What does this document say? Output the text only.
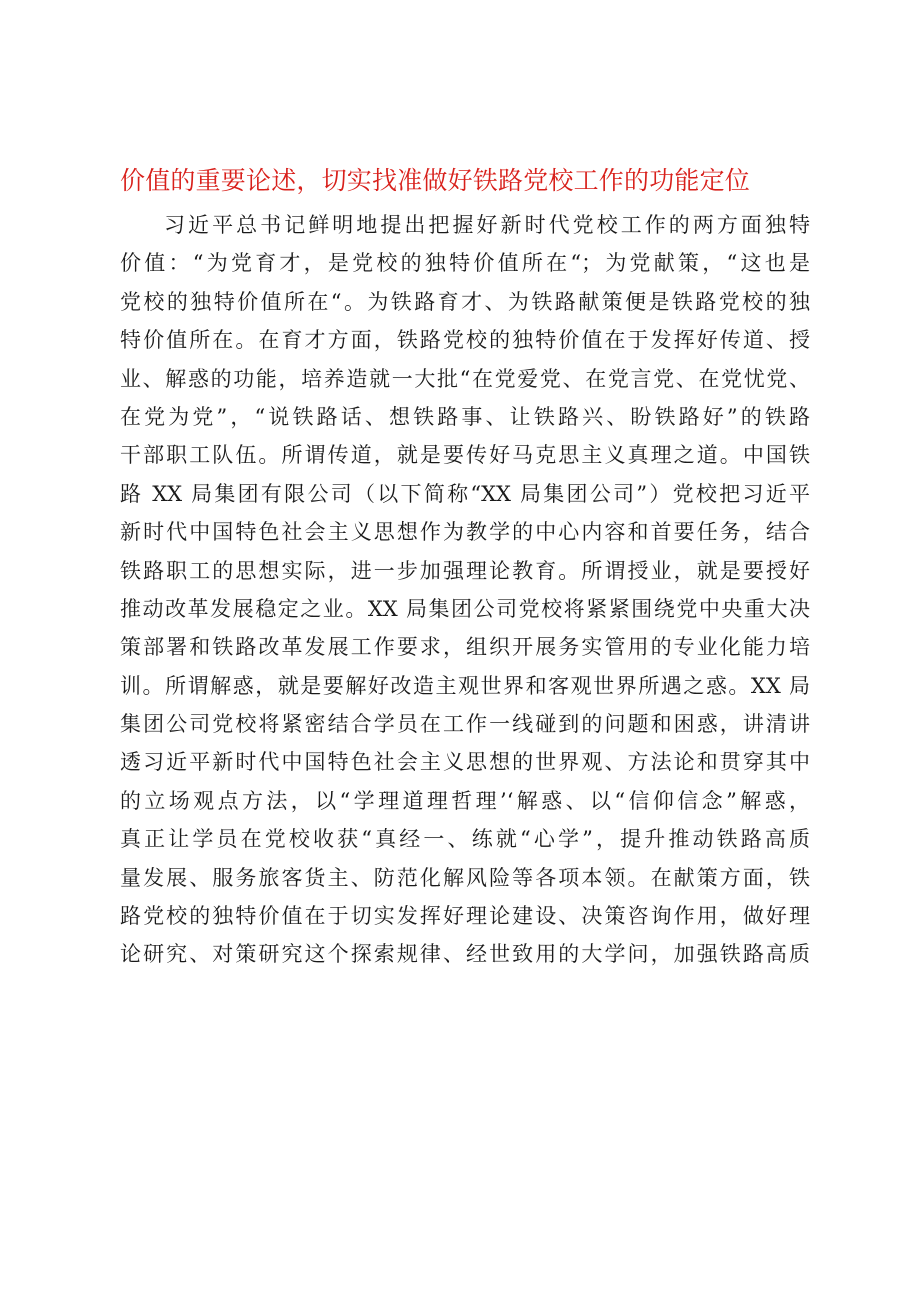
价值的重要论述，切实找准做好铁路党校工作的功能定位
习近平总书记鲜明地提出把握好新时代党校工作的两方面独特
价值：“为党育才，是党校的独特价值所在“；为党献策，“这也是
党校的独特价值所在“。为铁路育才、为铁路献策便是铁路党校的独
特价值所在。在育才方面，铁路党校的独特价值在于发挥好传道、授
业、解惑的功能，培养造就一大批“在党爱党、在党言党、在党忧党、
在党为党”，“说铁路话、想铁路事、让铁路兴、盼铁路好”的铁路
干部职工队伍。所谓传道，就是要传好马克思主义真理之道。中国铁
路 XX 局集团有限公司（以下简称“XX 局集团公司”）党校把习近平
新时代中国特色社会主义思想作为教学的中心内容和首要任务，结合
铁路职工的思想实际，进一步加强理论教育。所谓授业，就是要授好
推动改革发展稳定之业。XX 局集团公司党校将紧紧围绕党中央重大决
策部署和铁路改革发展工作要求，组织开展务实管用的专业化能力培
训。所谓解惑，就是要解好改造主观世界和客观世界所遇之惑。XX 局
集团公司党校将紧密结合学员在工作一线碰到的问题和困惑，讲清讲
透习近平新时代中国特色社会主义思想的世界观、方法论和贯穿其中
的立场观点方法，以“学理道理哲理’‘解惑、以“信仰信念”解惑，
真正让学员在党校收获“真经一、练就“心学”，提升推动铁路高质
量发展、服务旅客货主、防范化解风险等各项本领。在献策方面，铁
路党校的独特价值在于切实发挥好理论建设、决策咨询作用，做好理
论研究、对策研究这个探索规律、经世致用的大学问，加强铁路高质
